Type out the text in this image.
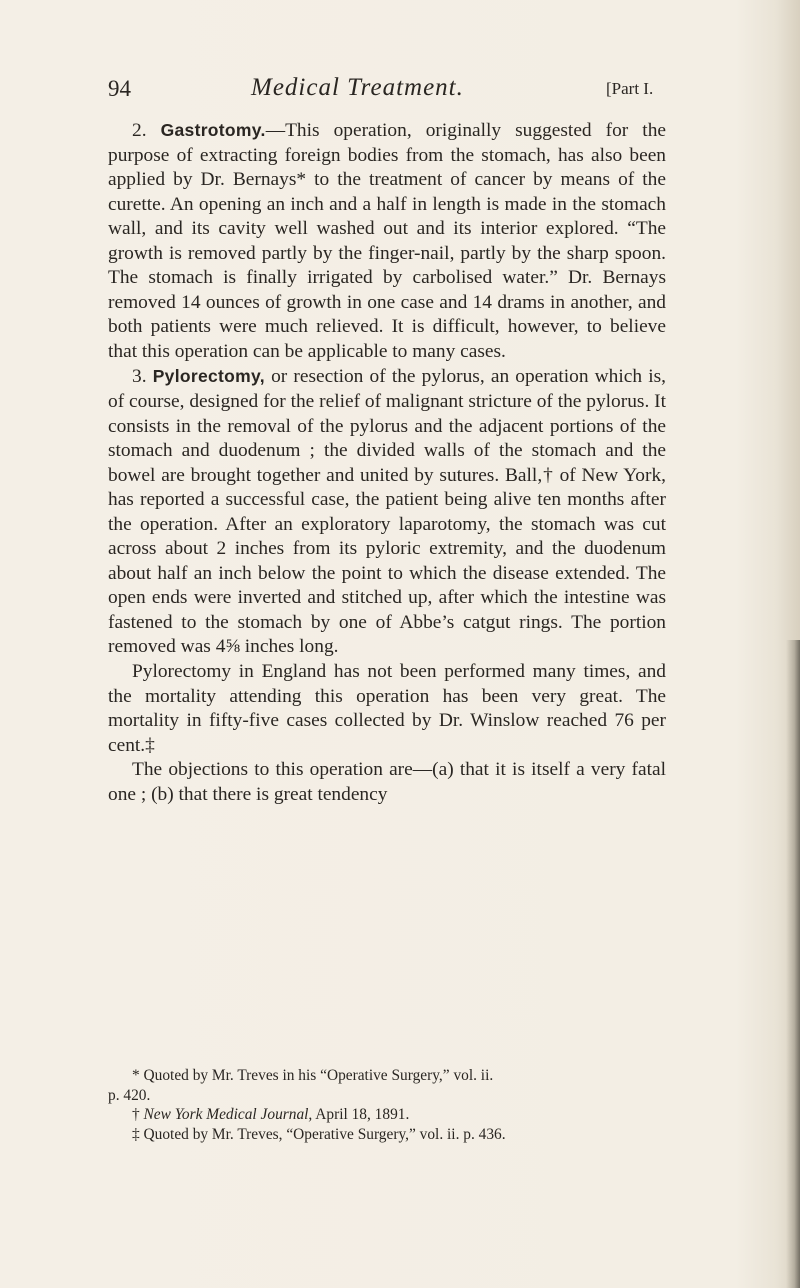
94	Medical Treatment.	[Part I.

2. Gastrotomy.—This operation, originally suggested for the purpose of extracting foreign bodies from the stomach, has also been applied by Dr. Bernays* to the treatment of cancer by means of the curette. An opening an inch and a half in length is made in the stomach wall, and its cavity well washed out and its interior explored. “The growth is removed partly by the finger-nail, partly by the sharp spoon. The stomach is finally irrigated by carbolised water.” Dr. Bernays removed 14 ounces of growth in one case and 14 drams in another, and both patients were much relieved. It is difficult, however, to believe that this operation can be applicable to many cases.

3. Pylorectomy, or resection of the pylorus, an operation which is, of course, designed for the relief of malignant stricture of the pylorus. It consists in the removal of the pylorus and the adjacent portions of the stomach and duodenum ; the divided walls of the stomach and the bowel are brought together and united by sutures. Ball,† of New York, has reported a successful case, the patient being alive ten months after the operation. After an exploratory laparotomy, the stomach was cut across about 2 inches from its pyloric extremity, and the duodenum about half an inch below the point to which the disease extended. The open ends were inverted and stitched up, after which the intestine was fastened to the stomach by one of Abbe’s catgut rings. The portion removed was 4⅝ inches long.

Pylorectomy in England has not been performed many times, and the mortality attending this operation has been very great. The mortality in fifty-five cases collected by Dr. Winslow reached 76 per cent.‡

The objections to this operation are—(a) that it is itself a very fatal one ; (b) that there is great tendency

* Quoted by Mr. Treves in his “Operative Surgery,” vol. ii.

p. 420.

† New York Medical Journal, April 18, 1891.

‡ Quoted by Mr. Treves, “Operative Surgery,” vol. ii. p. 436.
